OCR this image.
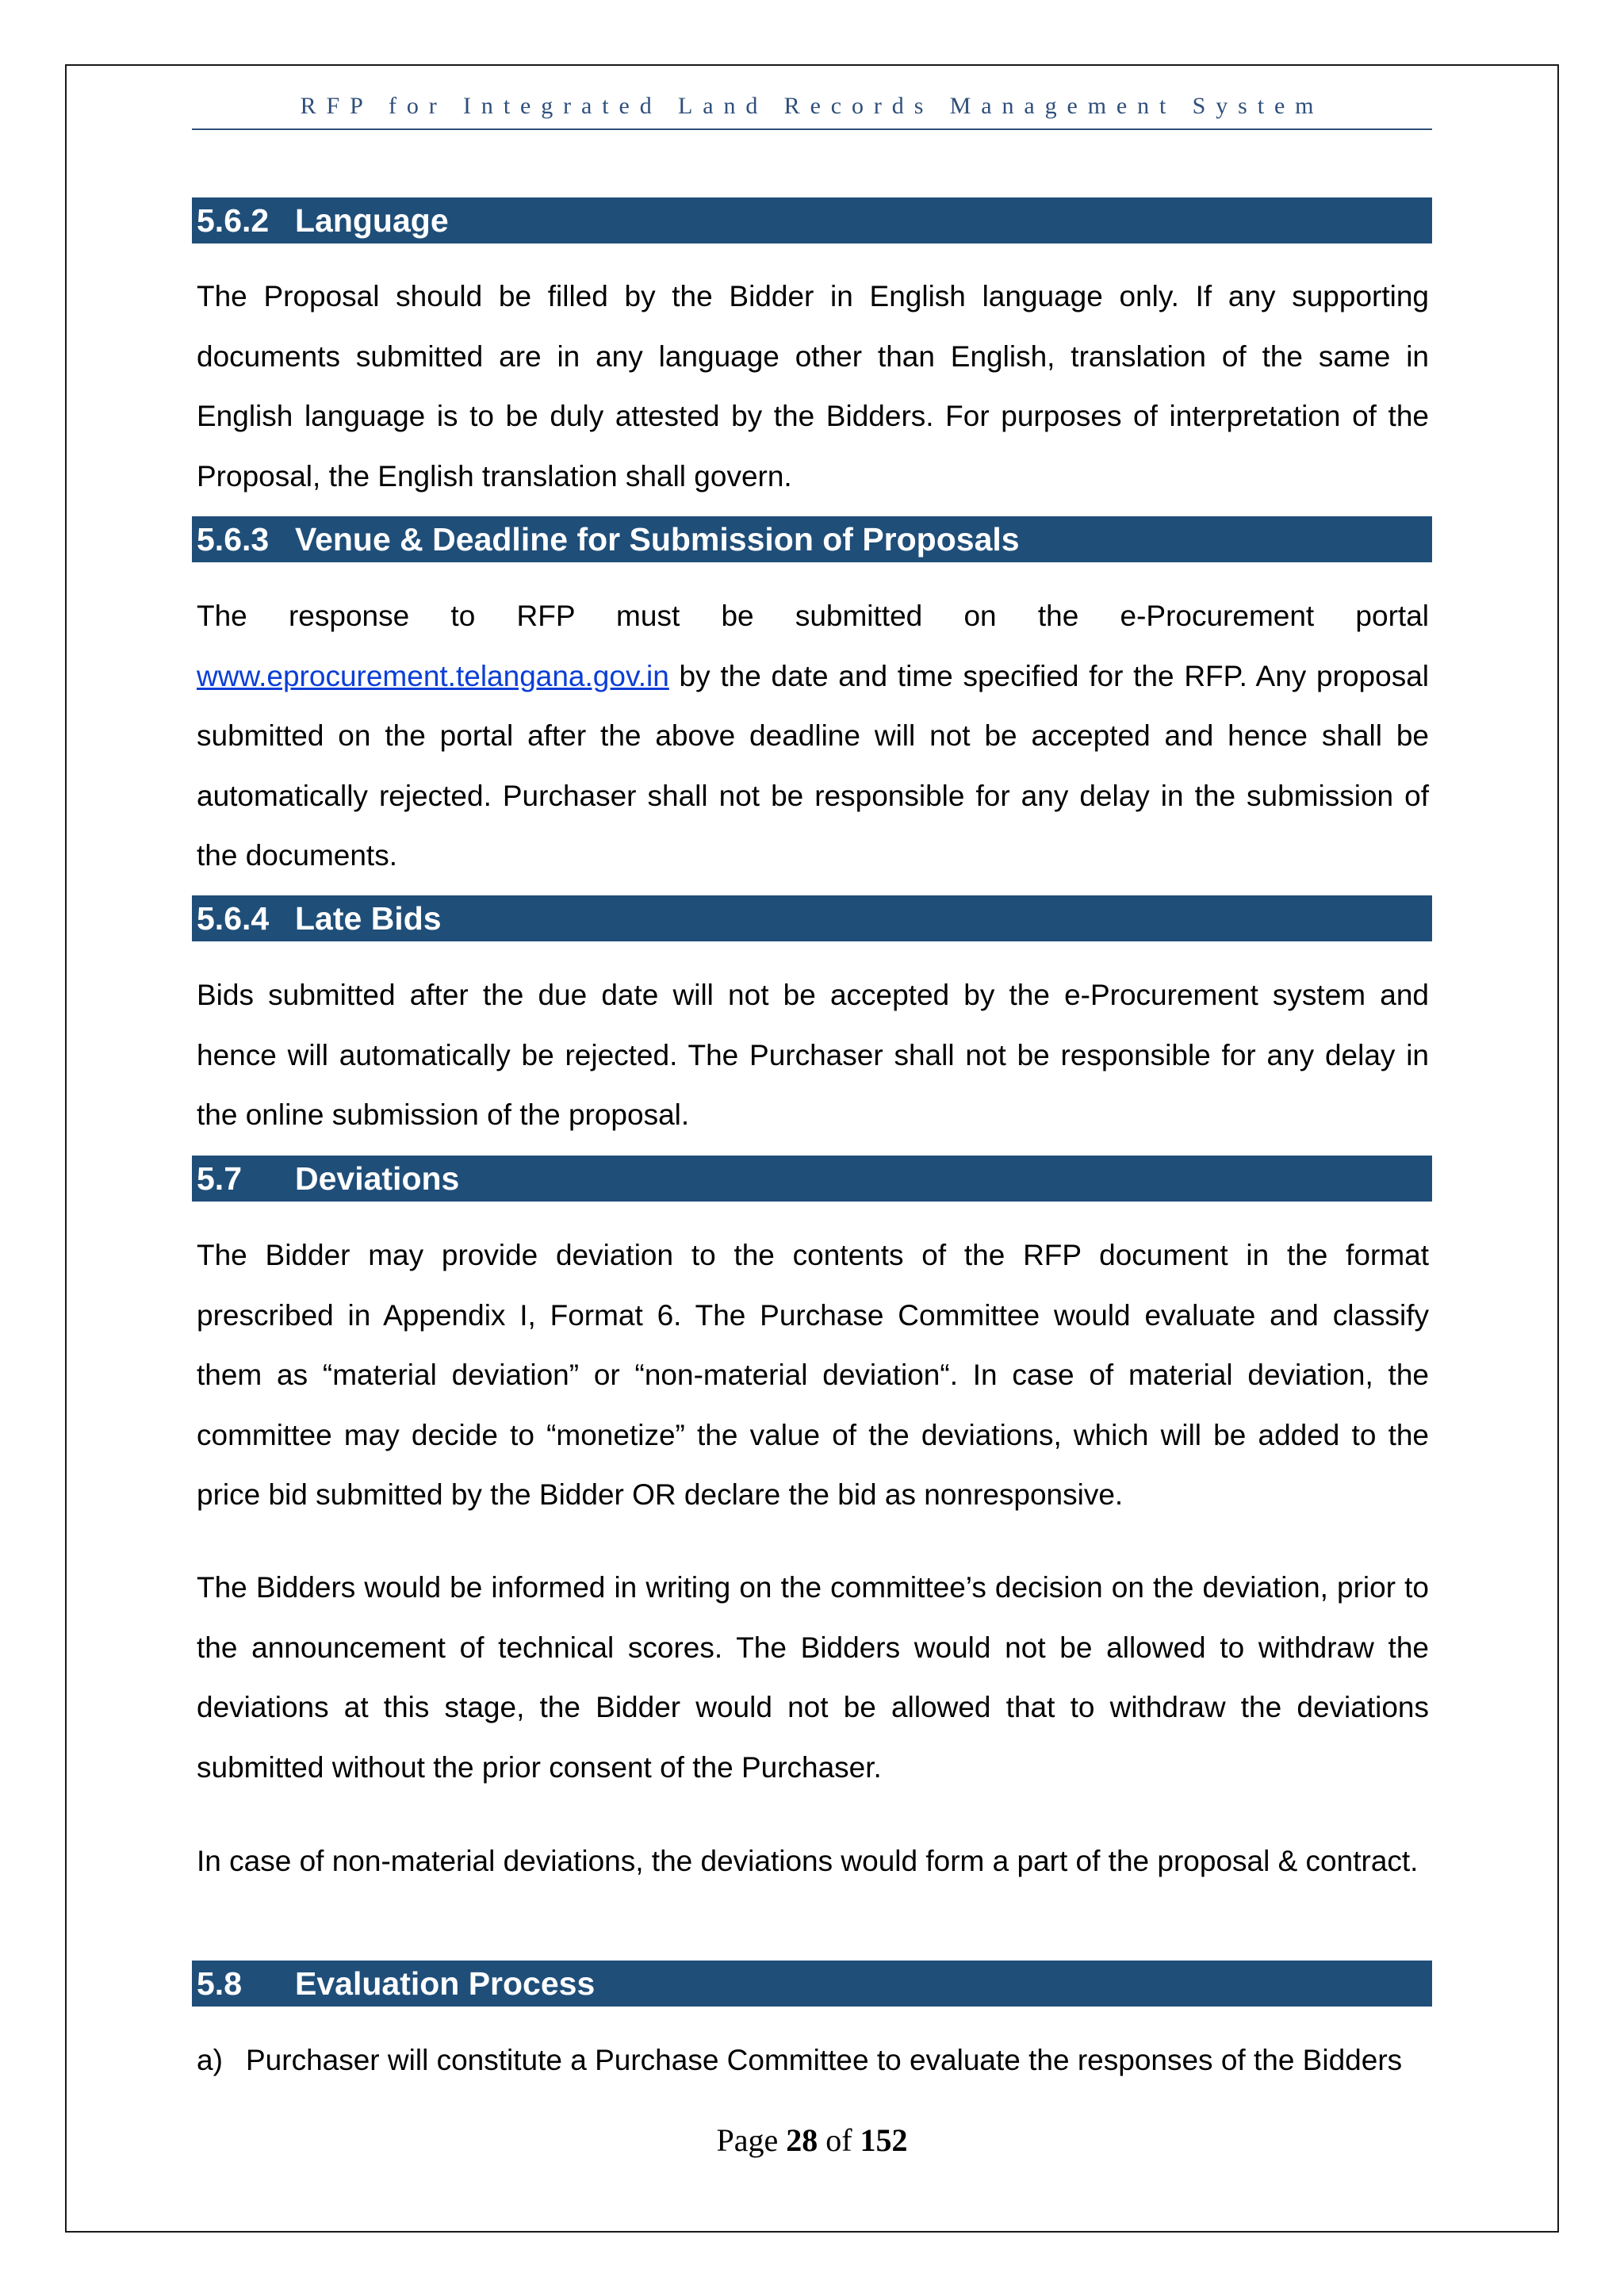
RFP for Integrated Land Records Management System
5.6.2 Language

The Proposal should be filled by the Bidder in English language only. If any supporting documents submitted are in any language other than English, translation of the same in English language is to be duly attested by the Bidders. For purposes of interpretation of the Proposal, the English translation shall govern.

5.6.3 Venue & Deadline for Submission of Proposals

The response to RFP must be submitted on the e-Procurement portal www.eprocurement.telangana.gov.in by the date and time specified for the RFP. Any proposal submitted on the portal after the above deadline will not be accepted and hence shall be automatically rejected. Purchaser shall not be responsible for any delay in the submission of the documents.

5.6.4 Late Bids

Bids submitted after the due date will not be accepted by the e-Procurement system and hence will automatically be rejected. The Purchaser shall not be responsible for any delay in the online submission of the proposal.

5.7 Deviations

The Bidder may provide deviation to the contents of the RFP document in the format prescribed in Appendix I, Format 6. The Purchase Committee would evaluate and classify them as “material deviation” or “non-material deviation“. In case of material deviation, the committee may decide to “monetize” the value of the deviations, which will be added to the price bid submitted by the Bidder OR declare the bid as nonresponsive.

The Bidders would be informed in writing on the committee’s decision on the deviation, prior to the announcement of technical scores. The Bidders would not be allowed to withdraw the deviations at this stage, the Bidder would not be allowed that to withdraw the deviations submitted without the prior consent of the Purchaser.

In case of non-material deviations, the deviations would form a part of the proposal & contract.

5.8 Evaluation Process
a) Purchaser will constitute a Purchase Committee to evaluate the responses of the Bidders
Page 28 of 152
